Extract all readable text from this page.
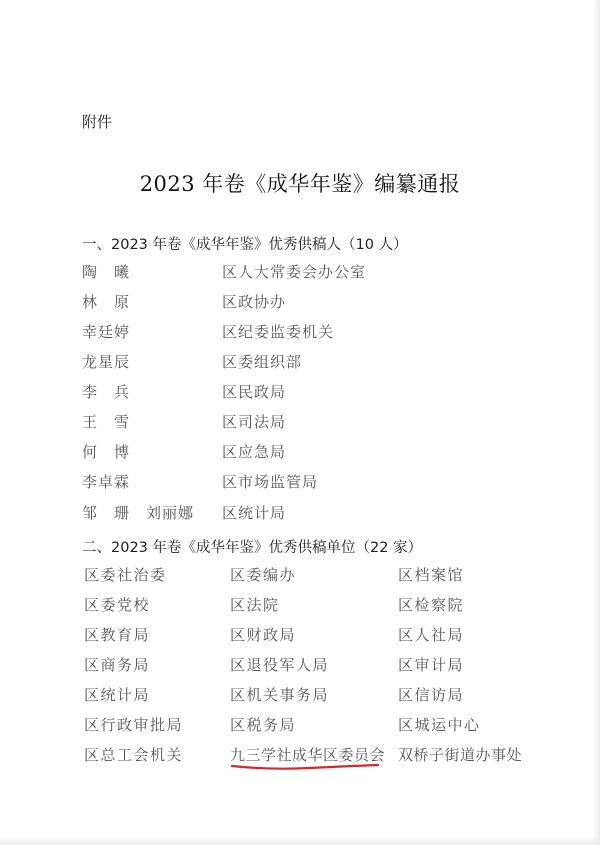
附件
2023 年卷《成华年鉴》编纂通报
一、2023 年卷《成华年鉴》优秀供稿人（10 人）
陶　曦	区人大常委会办公室
林　原	区政协办
幸廷婷	区纪委监委机关
龙星辰	区委组织部
李　兵	区民政局
王　雪	区司法局
何　博	区应急局
李卓霖	区市场监管局
邹　珊　刘丽娜 区统计局
二、2023 年卷《成华年鉴》优秀供稿单位（22 家）
区委社治委	区委编办	区档案馆
区委党校	区法院	区检察院
区教育局	区财政局	区人社局
区商务局	区退役军人局	区审计局
区统计局	区机关事务局	区信访局
区行政审批局	区税务局	区城运中心
区总工会机关	九三学社成华区委员会 双桥子街道办事处
